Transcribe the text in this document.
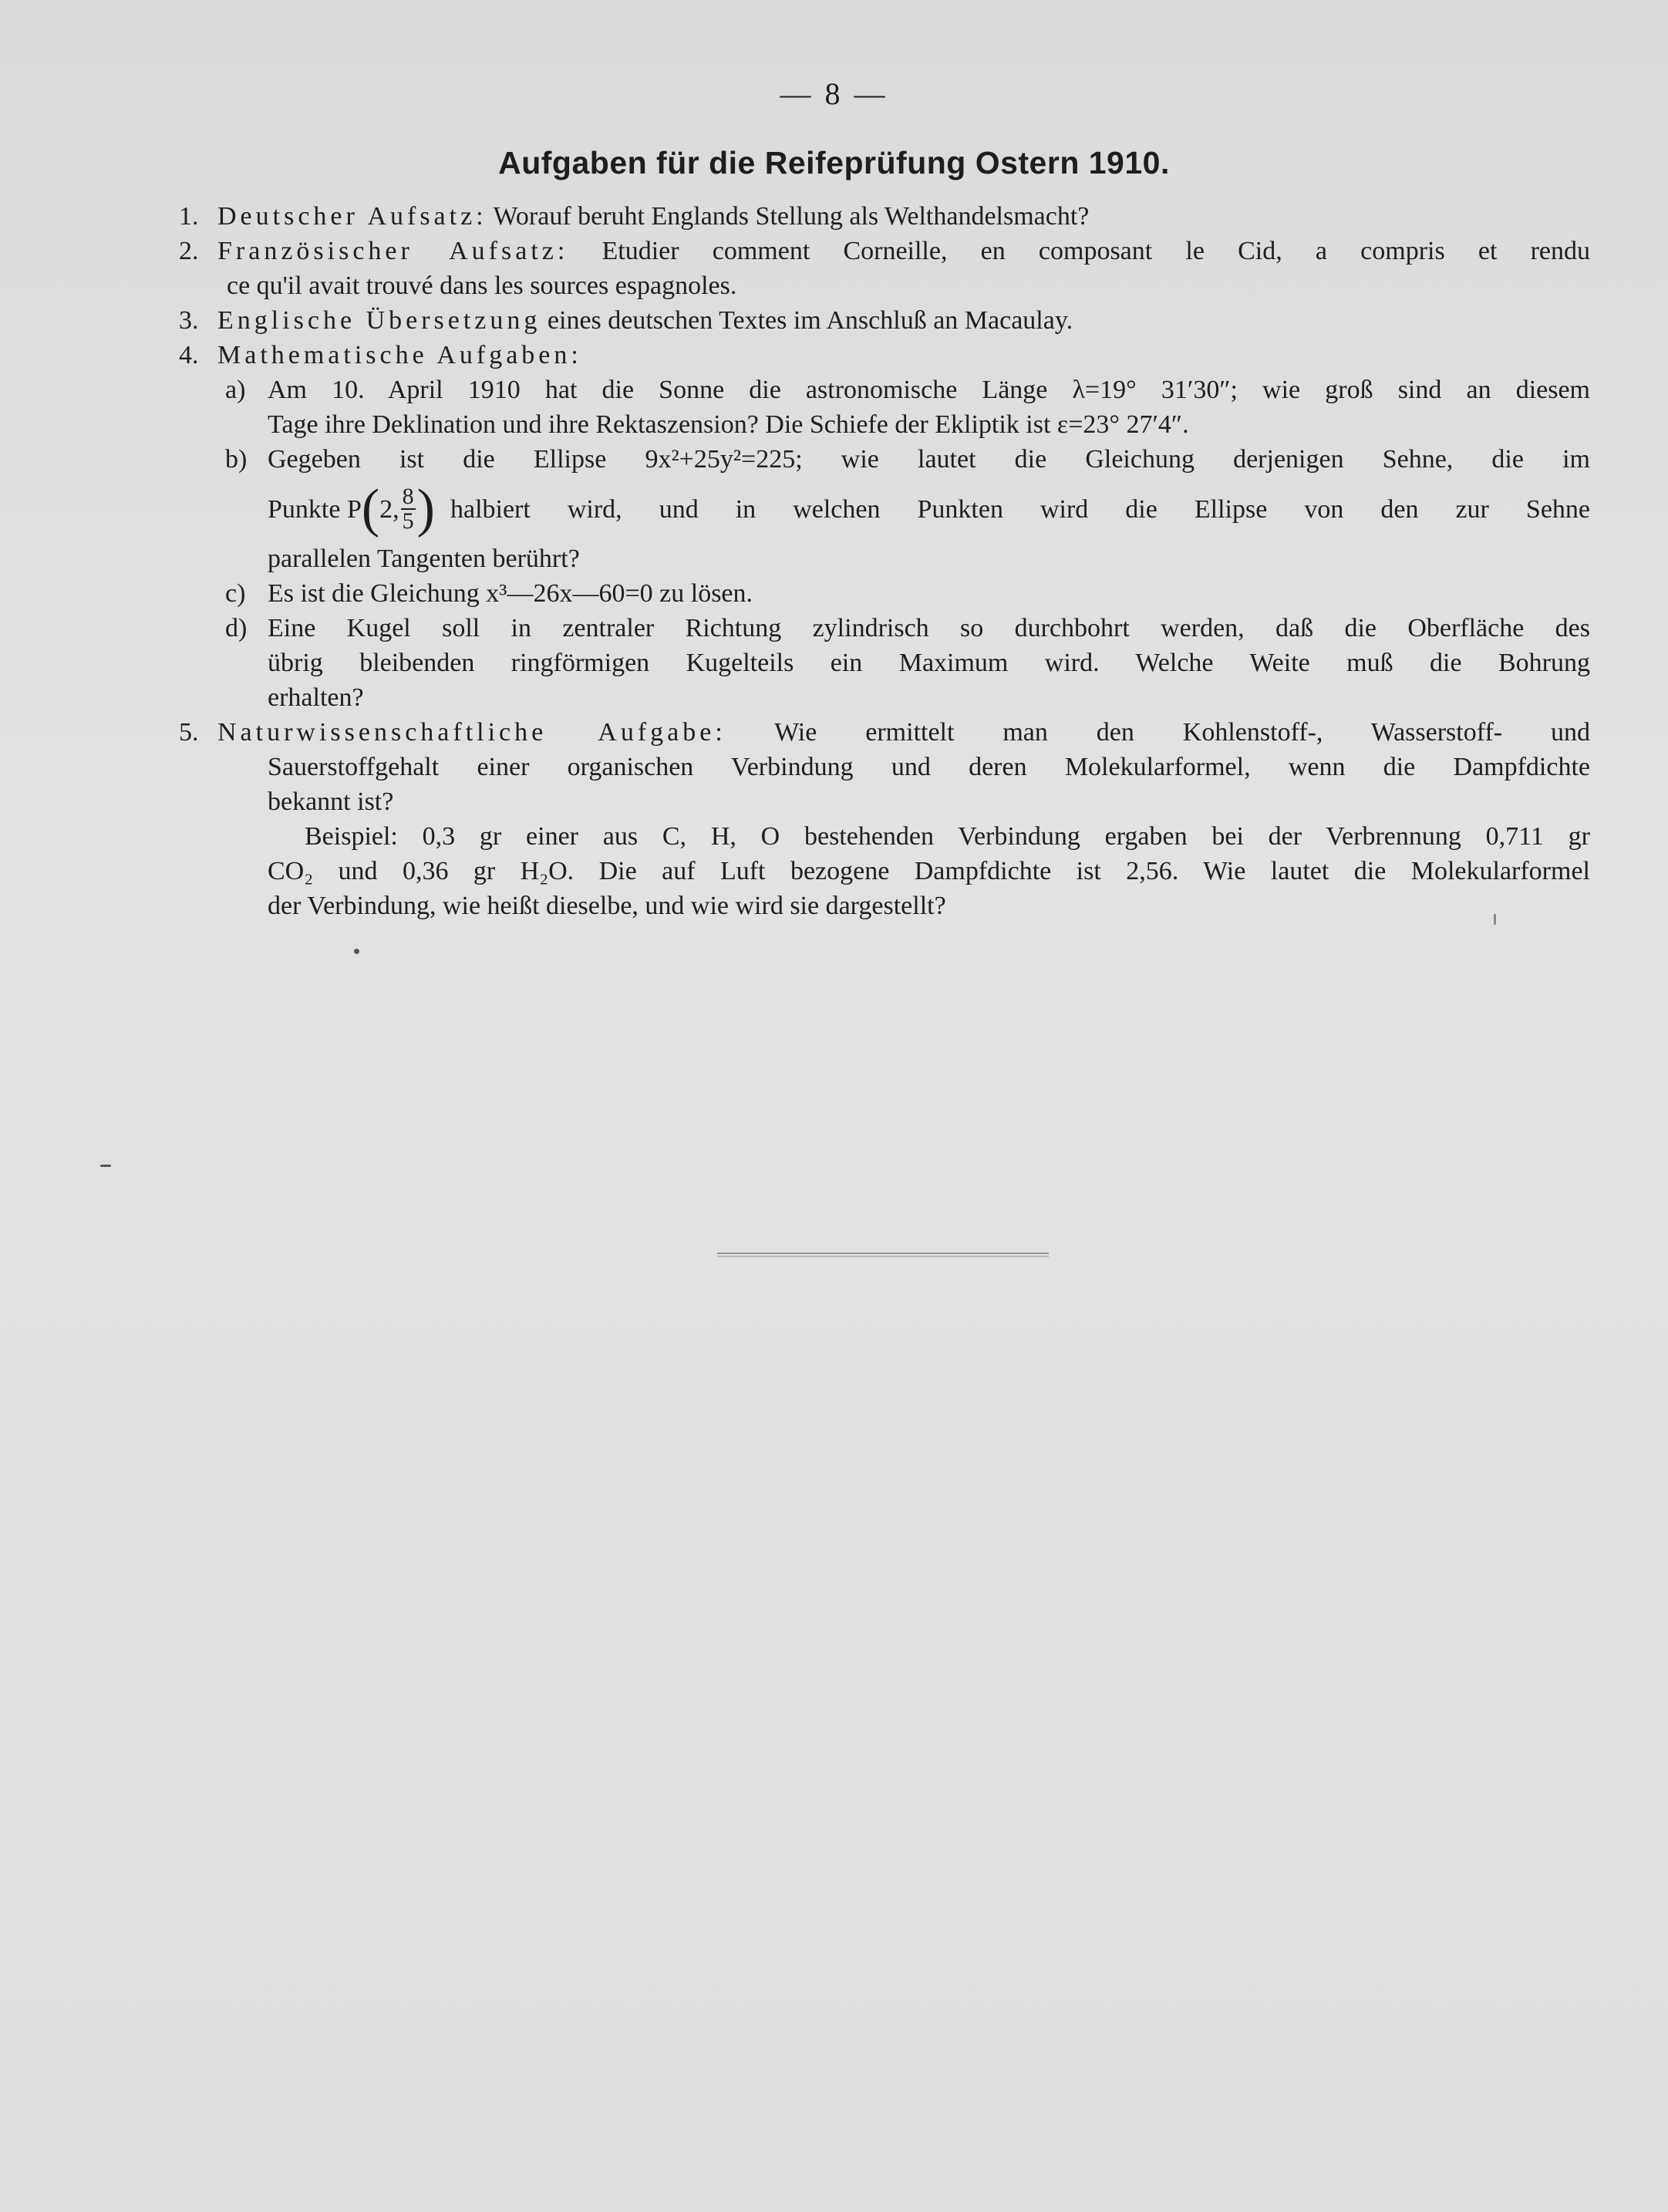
— 8 —
Aufgaben für die Reifeprüfung Ostern 1910.
1. Deutscher Aufsatz: Worauf beruht Englands Stellung als Welthandelsmacht?
2. Französischer Aufsatz: Etudier comment Corneille, en composant le Cid, a compris et rendu
ce qu'il avait trouvé dans les sources espagnoles.
3. Englische Übersetzung eines deutschen Textes im Anschluß an Macaulay.
4. Mathematische Aufgaben:
a) Am 10. April 1910 hat die Sonne die astronomische Länge λ=19° 31′30″; wie groß sind an diesem
Tage ihre Deklination und ihre Rektaszension? Die Schiefe der Ekliptik ist ε=23° 27′4″.
b) Gegeben ist die Ellipse 9x²+25y²=225; wie lautet die Gleichung derjenigen Sehne, die im
Punkte P ( 2, $\frac{8}{5}$ ) halbiert wird, und in welchen Punkten wird die Ellipse von den zur Sehne
parallelen Tangenten berührt?
c) Es ist die Gleichung x³—26x—60=0 zu lösen.
d) Eine Kugel soll in zentraler Richtung zylindrisch so durchbohrt werden, daß die Oberfläche des
übrig bleibenden ringförmigen Kugelteils ein Maximum wird. Welche Weite muß die Bohrung
erhalten?
5. Naturwissenschaftliche Aufgabe: Wie ermittelt man den Kohlenstoff-, Wasserstoff- und
Sauerstoffgehalt einer organischen Verbindung und deren Molekularformel, wenn die Dampfdichte
bekannt ist?
Beispiel: 0,3 gr einer aus C, H, O bestehenden Verbindung ergaben bei der Verbrennung 0,711 gr
CO₂ und 0,36 gr H₂O. Die auf Luft bezogene Dampfdichte ist 2,56. Wie lautet die Molekularformel
der Verbindung, wie heißt dieselbe, und wie wird sie dargestellt?
